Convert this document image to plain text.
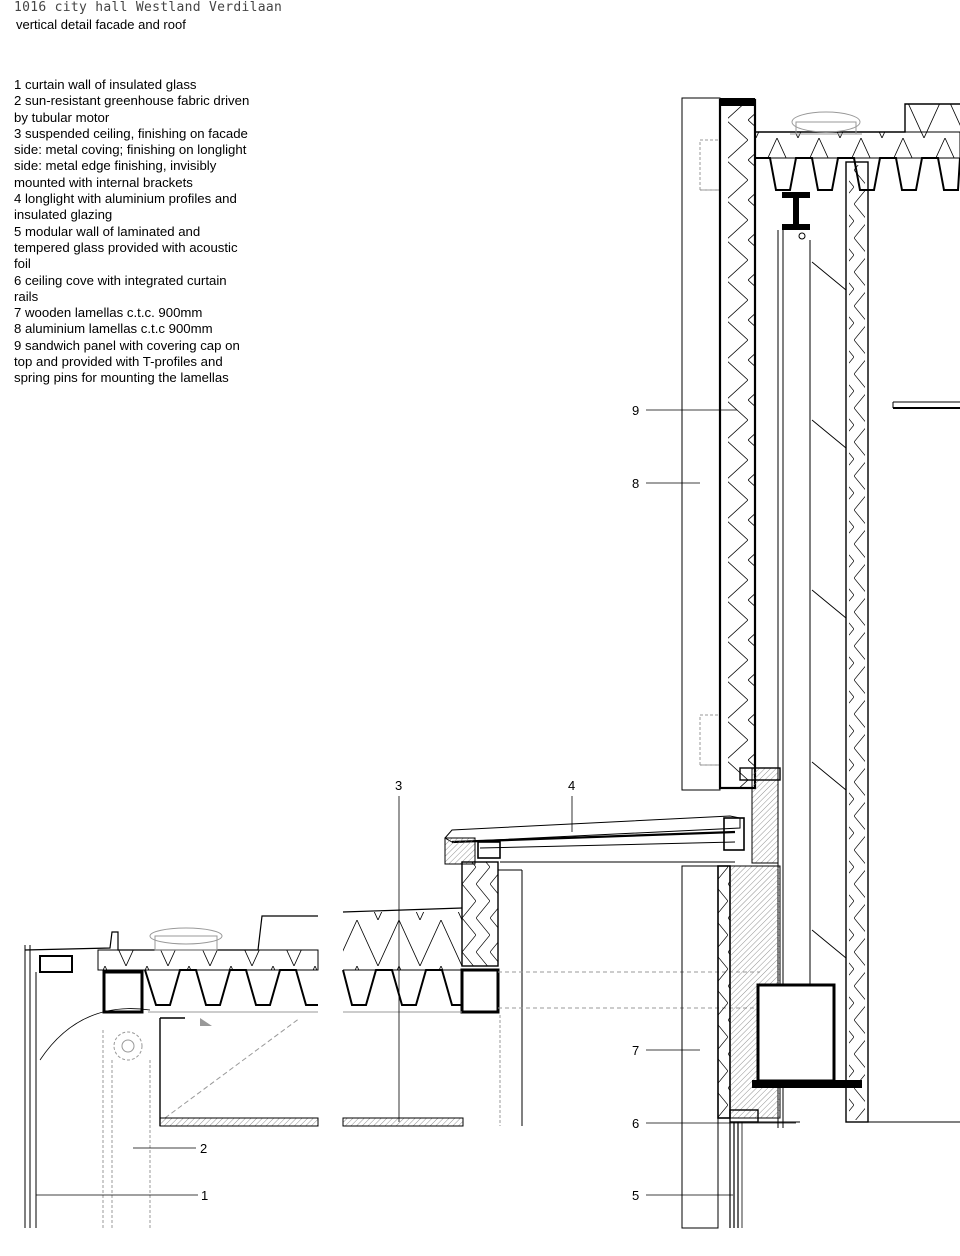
1016 city hall Westland Verdilaan
vertical detail facade and roof
1 curtain wall of insulated glass
2 sun-resistant greenhouse fabric driven by tubular motor
3 suspended ceiling, finishing on facade side: metal coving; finishing on longlight side: metal edge finishing, invisibly mounted with internal brackets
4 longlight with aluminium profiles and insulated glazing
5 modular wall of laminated and tempered glass provided with acoustic foil
6 ceiling cove with integrated curtain rails
7 wooden lamellas c.t.c. 900mm
8 aluminium lamellas c.t.c 900mm
9 sandwich panel with covering cap on top and provided with T-profiles and spring pins for mounting the lamellas
1
2
3	4
5
6
7
8
9
